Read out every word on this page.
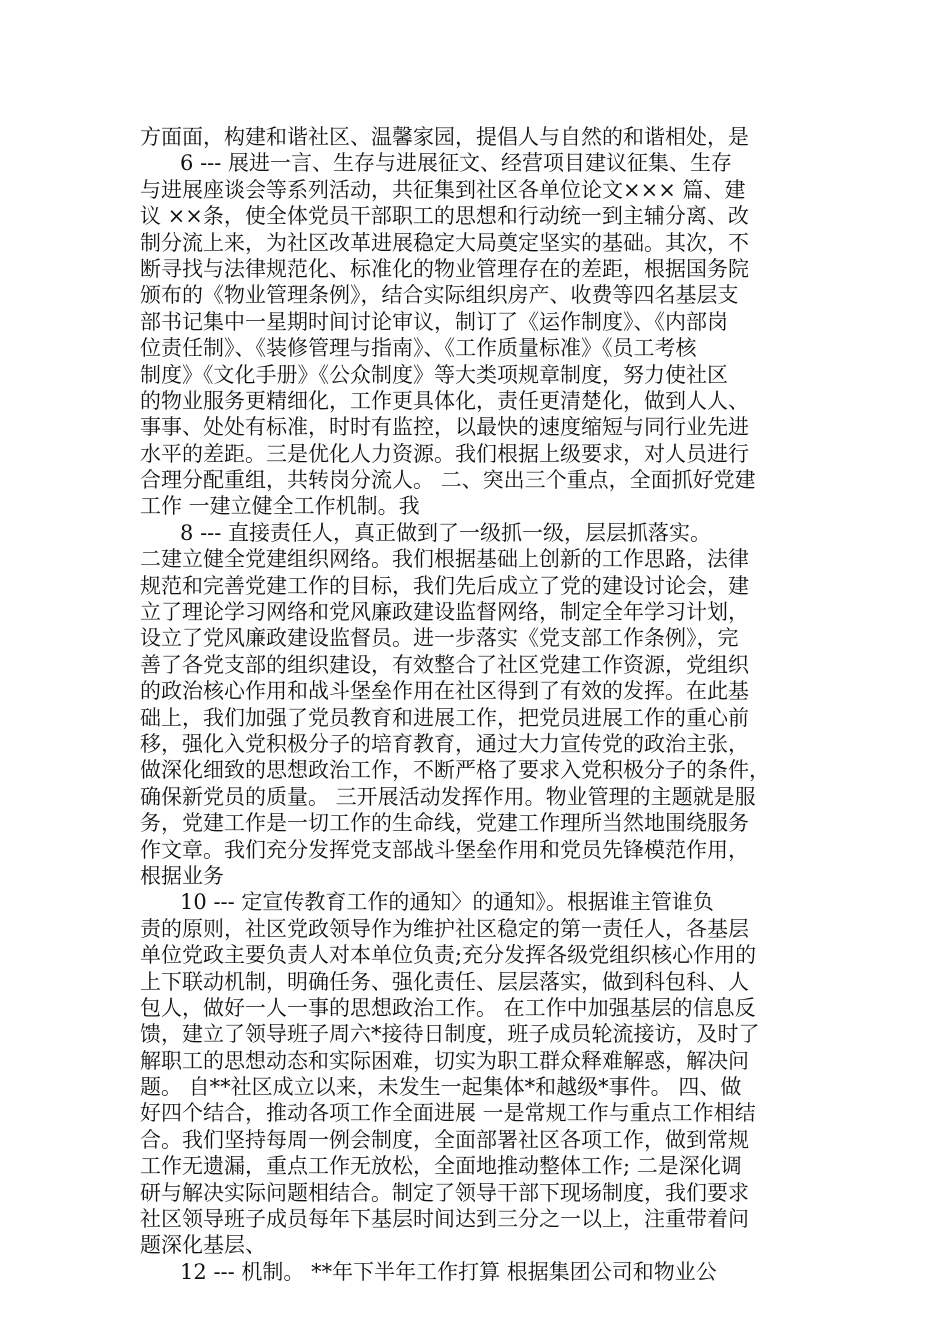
方面面，构建和谐社区、温馨家园，提倡人与自然的和谐相处，是
6 --- 展进一言、生存与进展征文、经营项目建议征集、生存
与进展座谈会等系列活动，共征集到社区各单位论文××× 篇、建
议 ××条，使全体党员干部职工的思想和行动统一到主辅分离、改
制分流上来，为社区改革进展稳定大局奠定坚实的基础。其次，不
断寻找与法律规范化、标准化的物业管理存在的差距，根据国务院
颁布的《物业管理条例》，结合实际组织房产、收费等四名基层支
部书记集中一星期时间讨论审议，制订了《运作制度》、《内部岗
位责任制》、《装修管理与指南》、《工作质量标准》《员工考核
制度》《文化手册》《公众制度》等大类项规章制度，努力使社区
的物业服务更精细化，工作更具体化，责任更清楚化，做到人人、
事事、处处有标准，时时有监控，以最快的速度缩短与同行业先进
水平的差距。三是优化人力资源。我们根据上级要求，对人员进行
合理分配重组，共转岗分流人。 二、突出三个重点，全面抓好党建
工作 一建立健全工作机制。我
8 --- 直接责任人，真正做到了一级抓一级，层层抓落实。
二建立健全党建组织网络。我们根据基础上创新的工作思路，法律
规范和完善党建工作的目标，我们先后成立了党的建设讨论会，建
立了理论学习网络和党风廉政建设监督网络，制定全年学习计划，
设立了党风廉政建设监督员。进一步落实《党支部工作条例》，完
善了各党支部的组织建设，有效整合了社区党建工作资源，党组织
的政治核心作用和战斗堡垒作用在社区得到了有效的发挥。在此基
础上，我们加强了党员教育和进展工作，把党员进展工作的重心前
移，强化入党积极分子的培育教育，通过大力宣传党的政治主张，
做深化细致的思想政治工作，不断严格了要求入党积极分子的条件，
确保新党员的质量。 三开展活动发挥作用。物业管理的主题就是服
务，党建工作是一切工作的生命线，党建工作理所当然地围绕服务
作文章。我们充分发挥党支部战斗堡垒作用和党员先锋模范作用，
根据业务
10 --- 定宣传教育工作的通知〉的通知》。根据谁主管谁负
责的原则，社区党政领导作为维护社区稳定的第一责任人，各基层
单位党政主要负责人对本单位负责;充分发挥各级党组织核心作用的
上下联动机制，明确任务、强化责任、层层落实，做到科包科、人
包人，做好一人一事的思想政治工作。 在工作中加强基层的信息反
馈，建立了领导班子周六*接待日制度，班子成员轮流接访，及时了
解职工的思想动态和实际困难，切实为职工群众释难解惑，解决问
题。 自**社区成立以来，未发生一起集体*和越级*事件。 四、做
好四个结合，推动各项工作全面进展 一是常规工作与重点工作相结
合。我们坚持每周一例会制度，全面部署社区各项工作，做到常规
工作无遗漏，重点工作无放松，全面地推动整体工作; 二是深化调
研与解决实际问题相结合。制定了领导干部下现场制度，我们要求
社区领导班子成员每年下基层时间达到三分之一以上，注重带着问
题深化基层、
12 --- 机制。 **年下半年工作打算 根据集团公司和物业公
